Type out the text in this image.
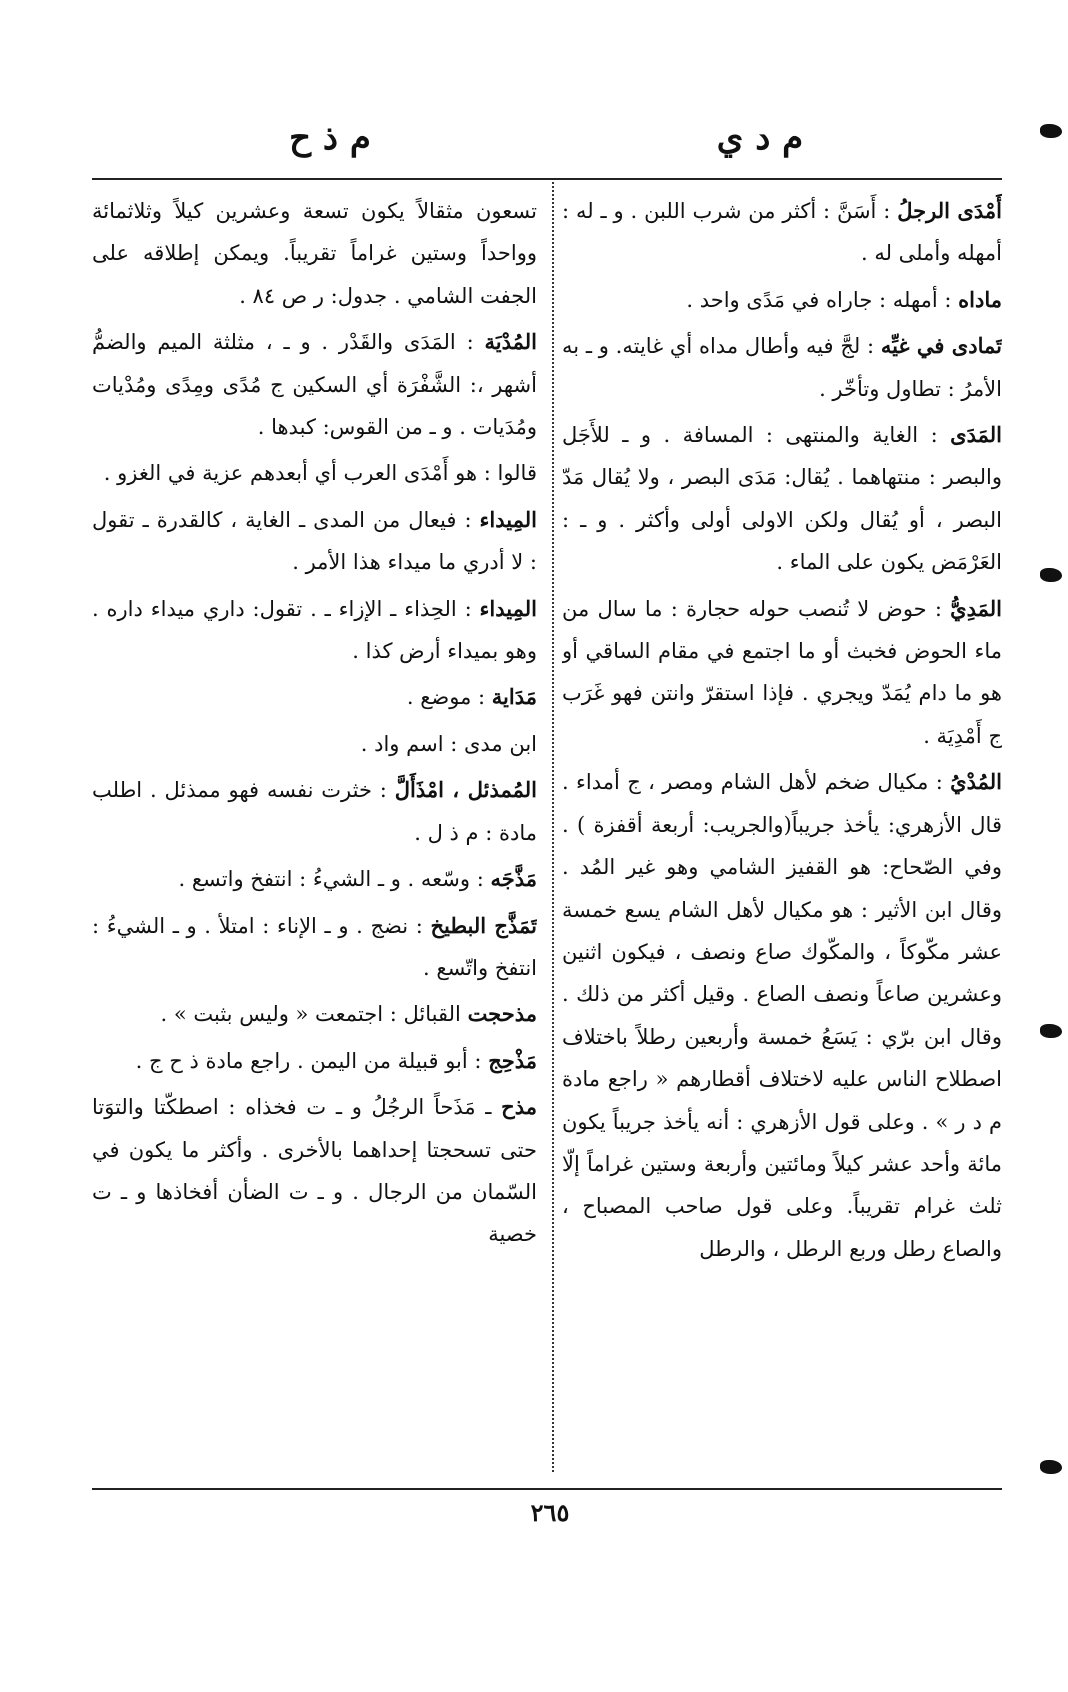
م ذ ح	م د ي
أَمْدَى الرجلُ : أَسَنَّ : أكثر من شرب اللبن . و ـ له : أمهله وأملى له .
ماداه : أمهله : جاراه في مَدًى واحد .
تَمادى في غيِّه : لجَّ فيه وأطال مداه أي غايته. و ـ به الأمرُ : تطاول وتأخّر .
المَدَى : الغاية والمنتهى : المسافة . و ـ للأَجَل والبصر : منتهاهما . يُقال: مَدَى البصر ، ولا يُقال مَدّ البصر ، أو يُقال ولكن الاولى أولى وأكثر . و ـ : العَرْمَض يكون على الماء .
المَدِيُّ : حوض لا تُنصب حوله حجارة : ما سال من ماء الحوض فخبث أو ما اجتمع في مقام الساقي أو هو ما دام يُمَدّ ويجري . فإذا استقرّ وانتن فهو غَرَب ج أَمْدِيَة .
المُدْيُ : مكيال ضخم لأهل الشام ومصر ، ج أمداء . قال الأزهري: يأخذ جريباً(والجريب: أربعة أقفزة ) . وفي الصّحاح: هو القفيز الشامي وهو غير المُد . وقال ابن الأثير : هو مكيال لأهل الشام يسع خمسة عشر مكّوكاً ، والمكّوك صاع ونصف ، فيكون اثنين وعشرين صاعاً ونصف الصاع . وقيل أكثر من ذلك . وقال ابن برّي : يَسَعُ خمسة وأربعين رطلاً باختلاف اصطلاح الناس عليه لاختلاف أقطارهم « راجع مادة م د ر » . وعلى قول الأزهري : أنه يأخذ جريباً يكون مائة وأحد عشر كيلاً ومائتين وأربعة وستين غراماً إلّا ثلث غرام تقريباً. وعلى قول صاحب المصباح ، والصاع رطل وربع الرطل ، والرطل
تسعون مثقالاً يكون تسعة وعشرين كيلاً وثلاثمائة وواحداً وستين غراماً تقريباً. ويمكن إطلاقه على الجفت الشامي . جدول: ر ص ٨٤ .
المُدْيَة : المَدَى والقَدْر . و ـ ، مثلثة الميم والضمُّ أشهر ،: الشَّفْرَة أي السكين ج مُدًى ومِدًى ومُدْيات ومُدَيات . و ـ من القوس: كبدها .
قالوا : هو أَمْدَى العرب أي أبعدهم عزية في الغزو .
المِيداء : فيعال من المدى ـ الغاية ، كالقدرة ـ تقول : لا أدري ما ميداء هذا الأمر .
المِيداء : الحِذاء ـ الإزاء ـ . تقول: داري ميداء داره . وهو بميداء أرض كذا .
مَدَاية : موضع .
ابن مدى : اسم واد .
المُمذئل ، امْذَأَلَّ : خثرت نفسه فهو ممذئل . اطلب مادة : م ذ ل .
مَذَّجَه : وسّعه . و ـ الشيءُ : انتفخ واتسع .
تَمَذَّج البطيخ : نضج . و ـ الإناء : امتلأ . و ـ الشيءُ : انتفخ واتّسع .
مذحجت القبائل : اجتمعت « وليس بثبت » .
مَذْحِج : أبو قبيلة من اليمن . راجع مادة ذ ح ج .
مذح ـ مَذَحاً الرجُلُ و ـ ت فخذاه : اصطكّتا والتوَتا حتى تسحجتا إحداهما بالأخرى . وأكثر ما يكون في السّمان من الرجال . و ـ ت الضأن أفخاذها و ـ ت خصية
٢٦٥
